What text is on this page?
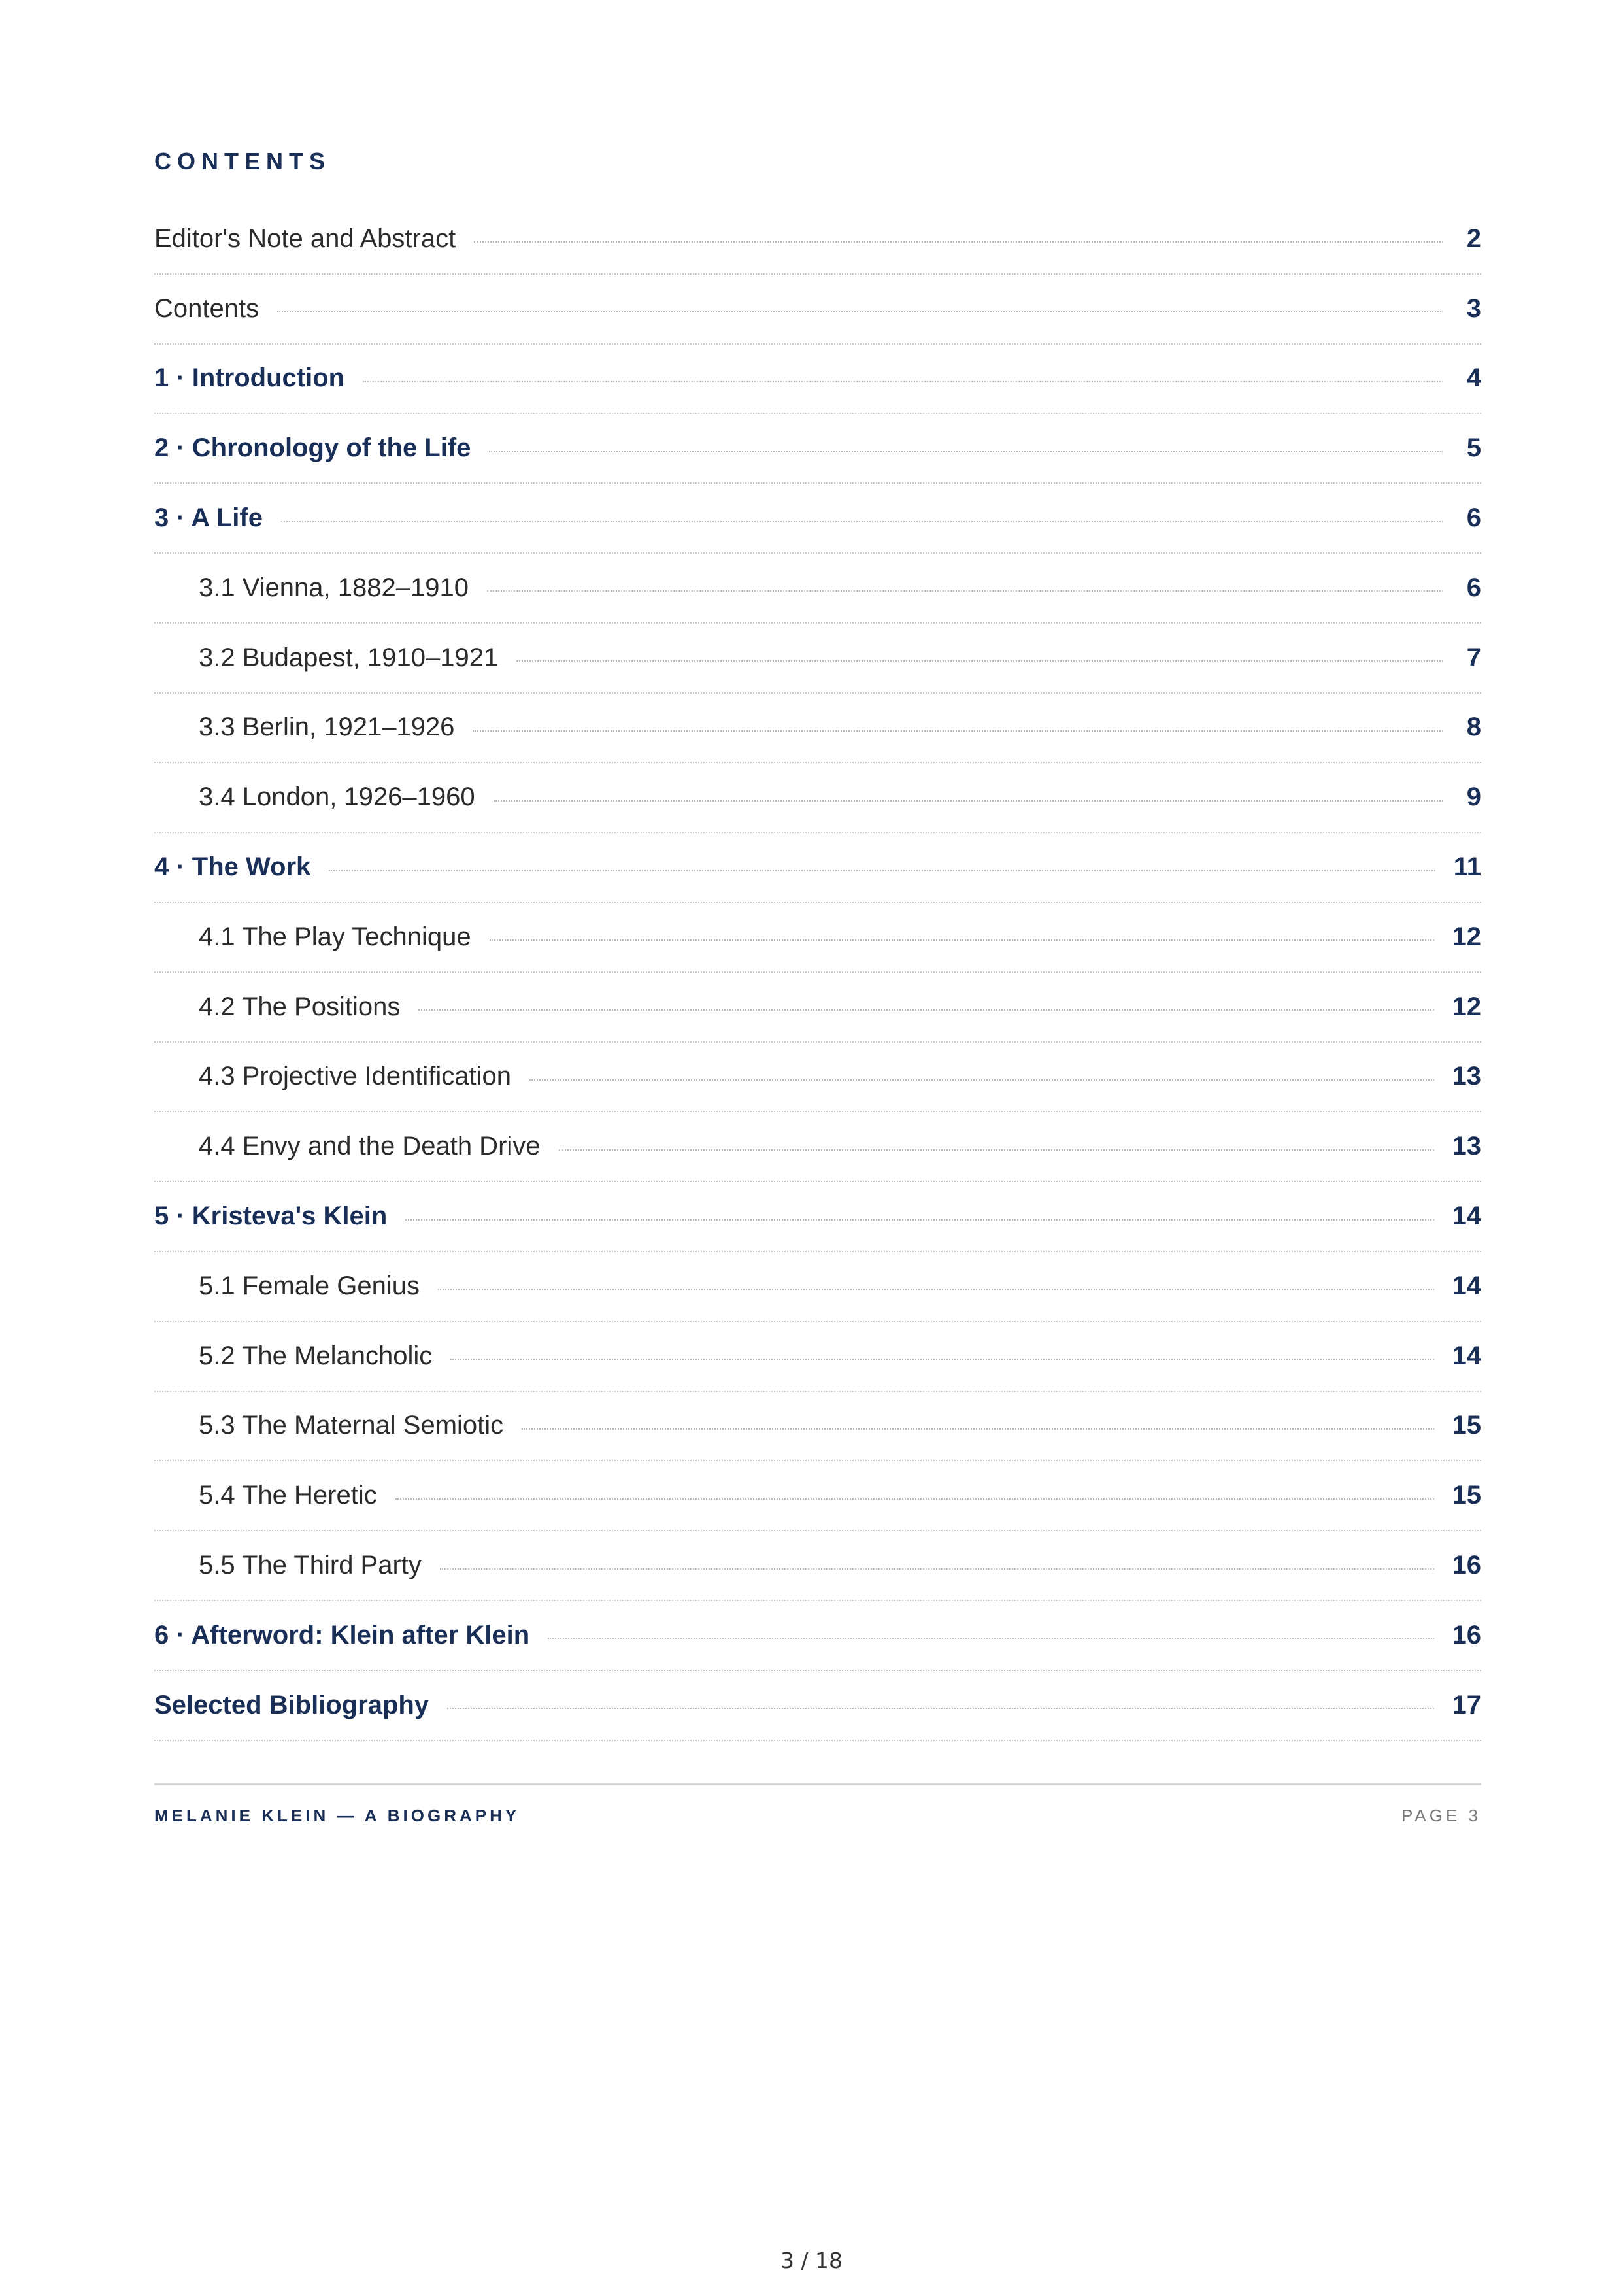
CONTENTS
Editor's Note and Abstract	2
Contents	3
1 · Introduction	4
2 · Chronology of the Life	5
3 · A Life	6
3.1 Vienna, 1882–1910	6
3.2 Budapest, 1910–1921	7
3.3 Berlin, 1921–1926	8
3.4 London, 1926–1960	9
4 · The Work	11
4.1 The Play Technique	12
4.2 The Positions	12
4.3 Projective Identification	13
4.4 Envy and the Death Drive	13
5 · Kristeva's Klein	14
5.1 Female Genius	14
5.2 The Melancholic	14
5.3 The Maternal Semiotic	15
5.4 The Heretic	15
5.5 The Third Party	16
6 · Afterword: Klein after Klein	16
Selected Bibliography	17
MELANIE KLEIN — A BIOGRAPHY	PAGE 3
3 / 18
